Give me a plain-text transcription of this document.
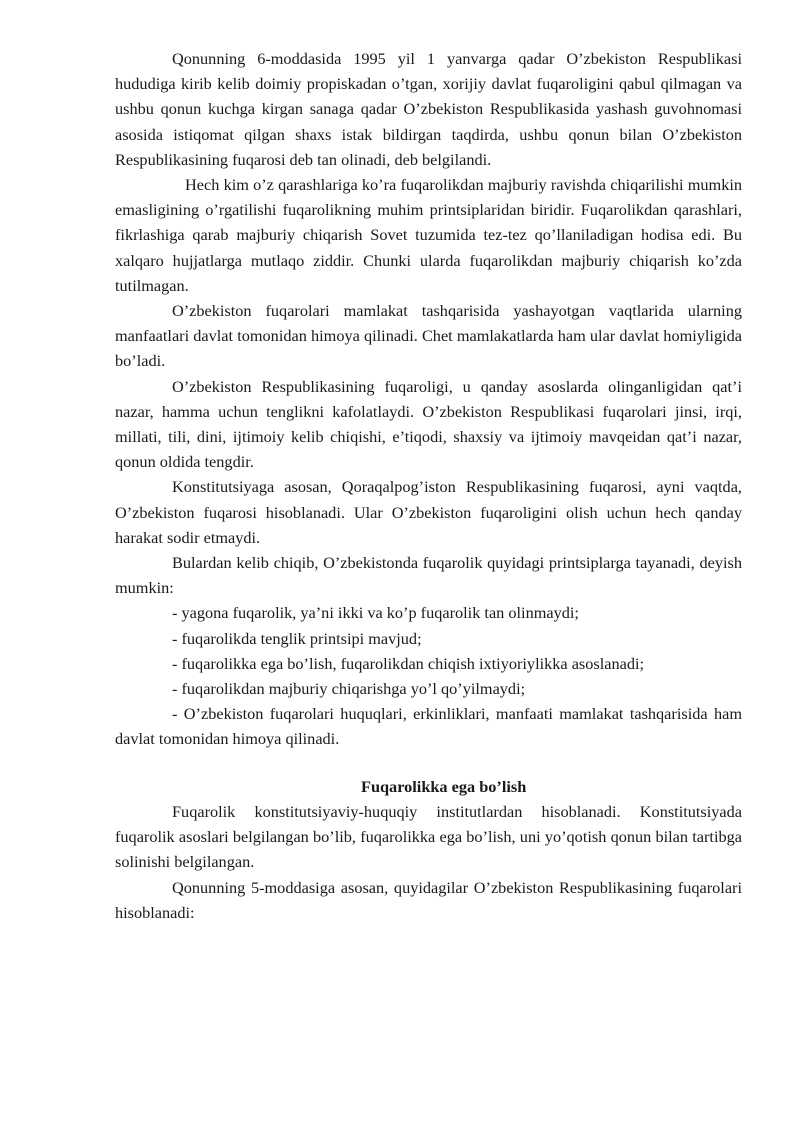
Qonunning 6-moddasida 1995 yil 1 yanvarga qadar O’zbekiston Respublikasi hududiga kirib kelib doimiy propiskadan o’tgan, xorijiy davlat fuqaroligini qabul qilmagan va ushbu qonun kuchga kirgan sanaga qadar O’zbekiston Respublikasida yashash guvohnomasi asosida istiqomat qilgan shaxs istak bildirgan taqdirda, ushbu qonun bilan O’zbekiston Respublikasining fuqarosi deb tan olinadi, deb belgilandi.

Hech kim o’z qarashlariga ko’ra fuqarolikdan majburiy ravishda chiqarilishi mumkin emasligining o’rgatilishi fuqarolikning muhim printsiplaridan biridir. Fuqarolikdan qarashlari, fikrlashiga qarab majburiy chiqarish Sovet tuzumida tez-tez qo’llaniladigan hodisa edi. Bu xalqaro hujjatlarga mutlaqo ziddir. Chunki ularda fuqarolikdan majburiy chiqarish ko’zda tutilmagan.

O’zbekiston fuqarolari mamlakat tashqarisida yashayotgan vaqtlarida ularning manfaatlari davlat tomonidan himoya qilinadi. Chet mamlakatlarda ham ular davlat homiyligida bo’ladi.

O’zbekiston Respublikasining fuqaroligi, u qanday asoslarda olinganligidan qat’i nazar, hamma uchun tenglikni kafolatlaydi. O’zbekiston Respublikasi fuqarolari jinsi, irqi, millati, tili, dini, ijtimoiy kelib chiqishi, e’tiqodi, shaxsiy va ijtimoiy mavqeidan qat’i nazar, qonun oldida tengdir.

Konstitutsiyaga asosan, Qoraqalpog’iston Respublikasining fuqarosi, ayni vaqtda, O’zbekiston fuqarosi hisoblanadi. Ular O’zbekiston fuqaroligini olish uchun hech qanday harakat sodir etmaydi.

Bulardan kelib chiqib, O’zbekistonda fuqarolik quyidagi printsiplarga tayanadi, deyish mumkin:

- yagona fuqarolik, ya’ni ikki va ko’p fuqarolik tan olinmaydi;

- fuqarolikda tenglik printsipi mavjud;

- fuqarolikka ega bo’lish, fuqarolikdan chiqish ixtiyoriylikka asoslanadi;

- fuqarolikdan majburiy chiqarishga yo’l qo’yilmaydi;

- O’zbekiston fuqarolari huquqlari, erkinliklari, manfaati mamlakat tashqarisida ham davlat tomonidan himoya qilinadi.

Fuqarolikka ega bo’lish

Fuqarolik konstitutsiyaviy-huquqiy institutlardan hisoblanadi. Konstitutsiyada fuqarolik asoslari belgilangan bo’lib, fuqarolikka ega bo’lish, uni yo’qotish qonun bilan tartibga solinishi belgilangan.

Qonunning 5-moddasiga asosan, quyidagilar O’zbekiston Respublikasining fuqarolari hisoblanadi:
